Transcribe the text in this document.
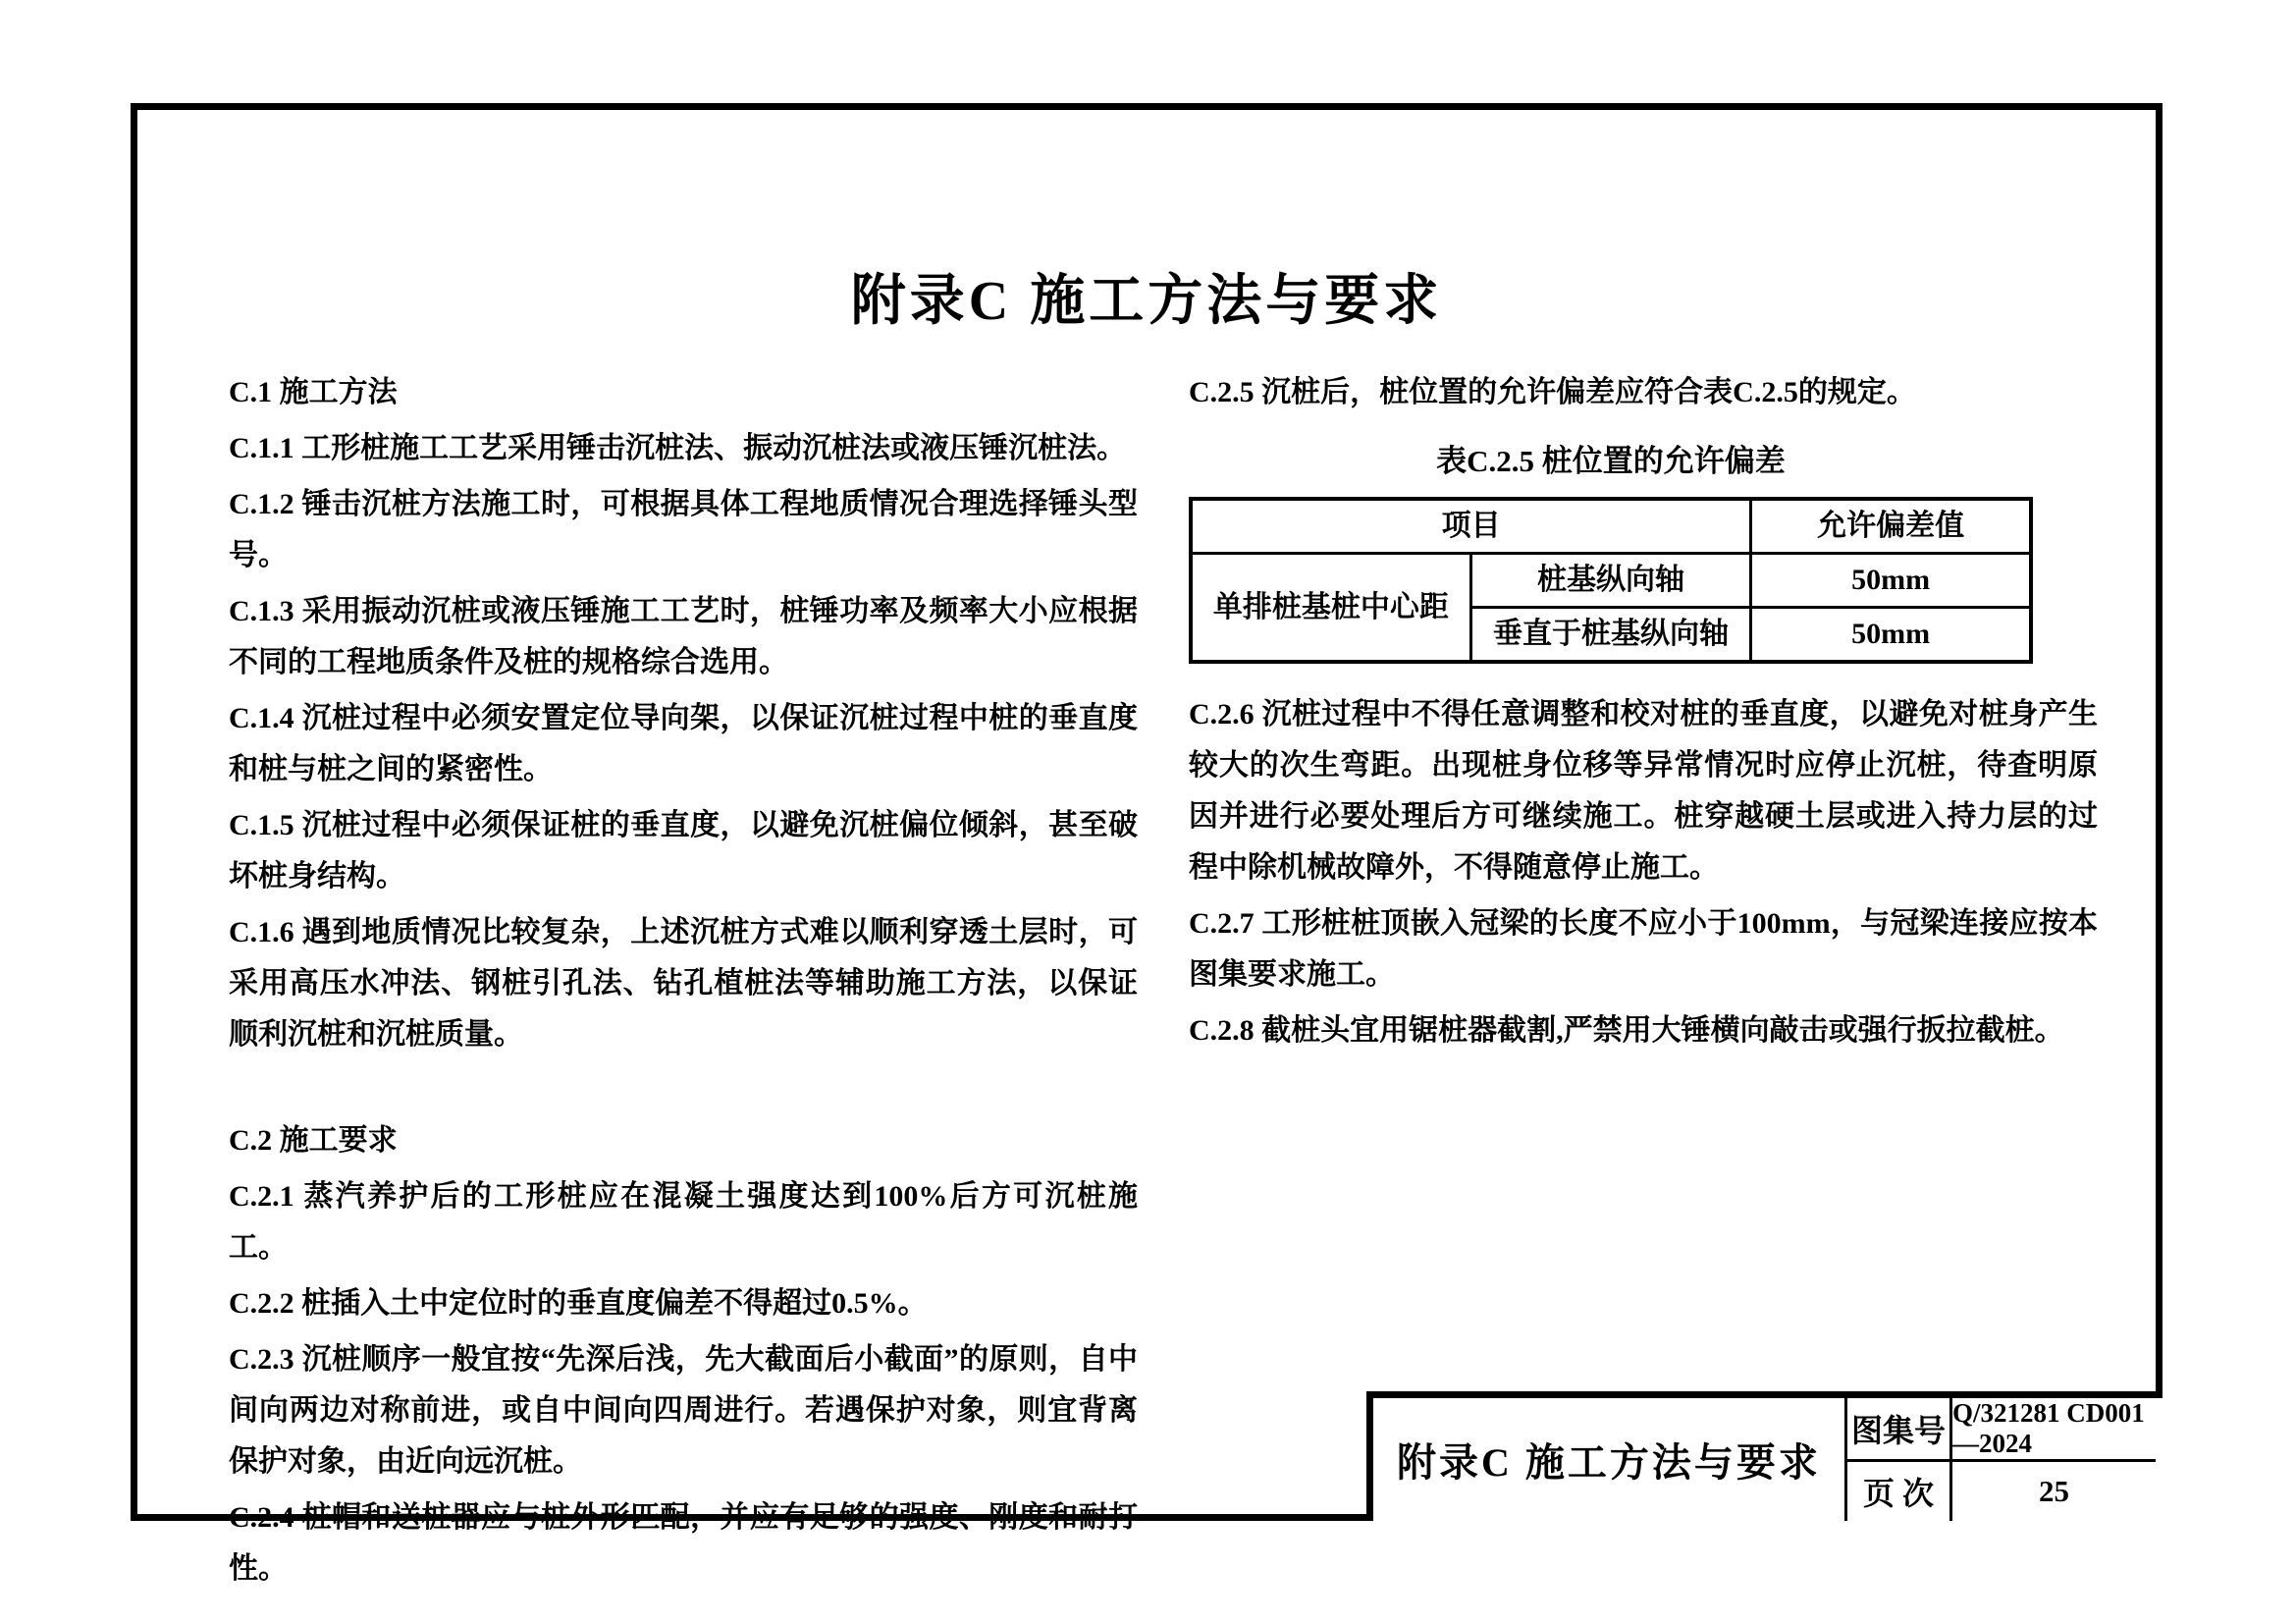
附录C 施工方法与要求
C.1 施工方法
C.1.1 工形桩施工工艺采用锤击沉桩法、振动沉桩法或液压锤沉桩法。
C.1.2 锤击沉桩方法施工时，可根据具体工程地质情况合理选择锤头型号。
C.1.3 采用振动沉桩或液压锤施工工艺时，桩锤功率及频率大小应根据不同的工程地质条件及桩的规格综合选用。
C.1.4 沉桩过程中必须安置定位导向架，以保证沉桩过程中桩的垂直度和桩与桩之间的紧密性。
C.1.5 沉桩过程中必须保证桩的垂直度，以避免沉桩偏位倾斜，甚至破坏桩身结构。
C.1.6 遇到地质情况比较复杂，上述沉桩方式难以顺利穿透土层时，可采用高压水冲法、钢桩引孔法、钻孔植桩法等辅助施工方法，以保证顺利沉桩和沉桩质量。
C.2 施工要求
C.2.1 蒸汽养护后的工形桩应在混凝土强度达到100%后方可沉桩施工。
C.2.2 桩插入土中定位时的垂直度偏差不得超过0.5%。
C.2.3 沉桩顺序一般宜按“先深后浅，先大截面后小截面”的原则，自中间向两边对称前进，或自中间向四周进行。若遇保护对象，则宜背离保护对象，由近向远沉桩。
C.2.4 桩帽和送桩器应与桩外形匹配，并应有足够的强度、刚度和耐打性。
C.2.5 沉桩后，桩位置的允许偏差应符合表C.2.5的规定。
表C.2.5 桩位置的允许偏差
项目		允许偏差值
单排桩基桩中心距	桩基纵向轴	50mm
	垂直于桩基纵向轴	50mm
C.2.6 沉桩过程中不得任意调整和校对桩的垂直度，以避免对桩身产生较大的次生弯距。出现桩身位移等异常情况时应停止沉桩，待查明原因并进行必要处理后方可继续施工。桩穿越硬土层或进入持力层的过程中除机械故障外，不得随意停止施工。
C.2.7 工形桩桩顶嵌入冠梁的长度不应小于100mm，与冠梁连接应按本图集要求施工。
C.2.8 截桩头宜用锯桩器截割,严禁用大锤横向敲击或强行扳拉截桩。
附录C 施工方法与要求
图集号 Q/321281 CD001—2024
页 次	25
